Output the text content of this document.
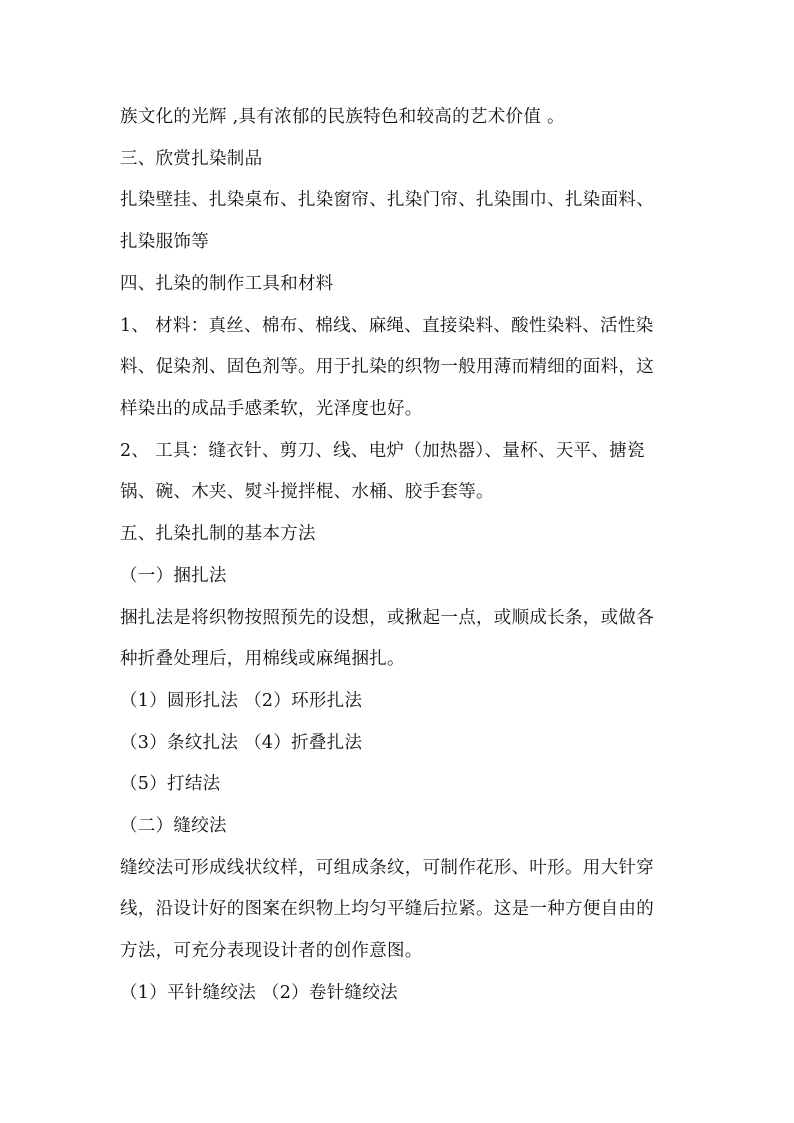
族文化的光辉 ,具有浓郁的民族特色和较高的艺术价值 。
三、欣赏扎染制品
扎染壁挂、扎染桌布、扎染窗帘、扎染门帘、扎染围巾、扎染面料、
扎染服饰等
四、扎染的制作工具和材料
1、 材料：真丝、棉布、棉线、麻绳、直接染料、酸性染料、活性染
料、促染剂、固色剂等。用于扎染的织物一般用薄而精细的面料，这
样染出的成品手感柔软，光泽度也好。
2、 工具：缝衣针、剪刀、线、电炉（加热器）、量杯、天平、搪瓷
锅、碗、木夹、熨斗搅拌棍、水桶、胶手套等。
五、扎染扎制的基本方法
（一）捆扎法
捆扎法是将织物按照预先的设想，或揪起一点，或顺成长条，或做各
种折叠处理后，用棉线或麻绳捆扎。
（1）圆形扎法 （2）环形扎法
（3）条纹扎法 （4）折叠扎法
（5）打结法
（二）缝绞法
缝绞法可形成线状纹样，可组成条纹，可制作花形、叶形。用大针穿
线，沿设计好的图案在织物上均匀平缝后拉紧。这是一种方便自由的
方法，可充分表现设计者的创作意图。
（1）平针缝绞法 （2）卷针缝绞法
